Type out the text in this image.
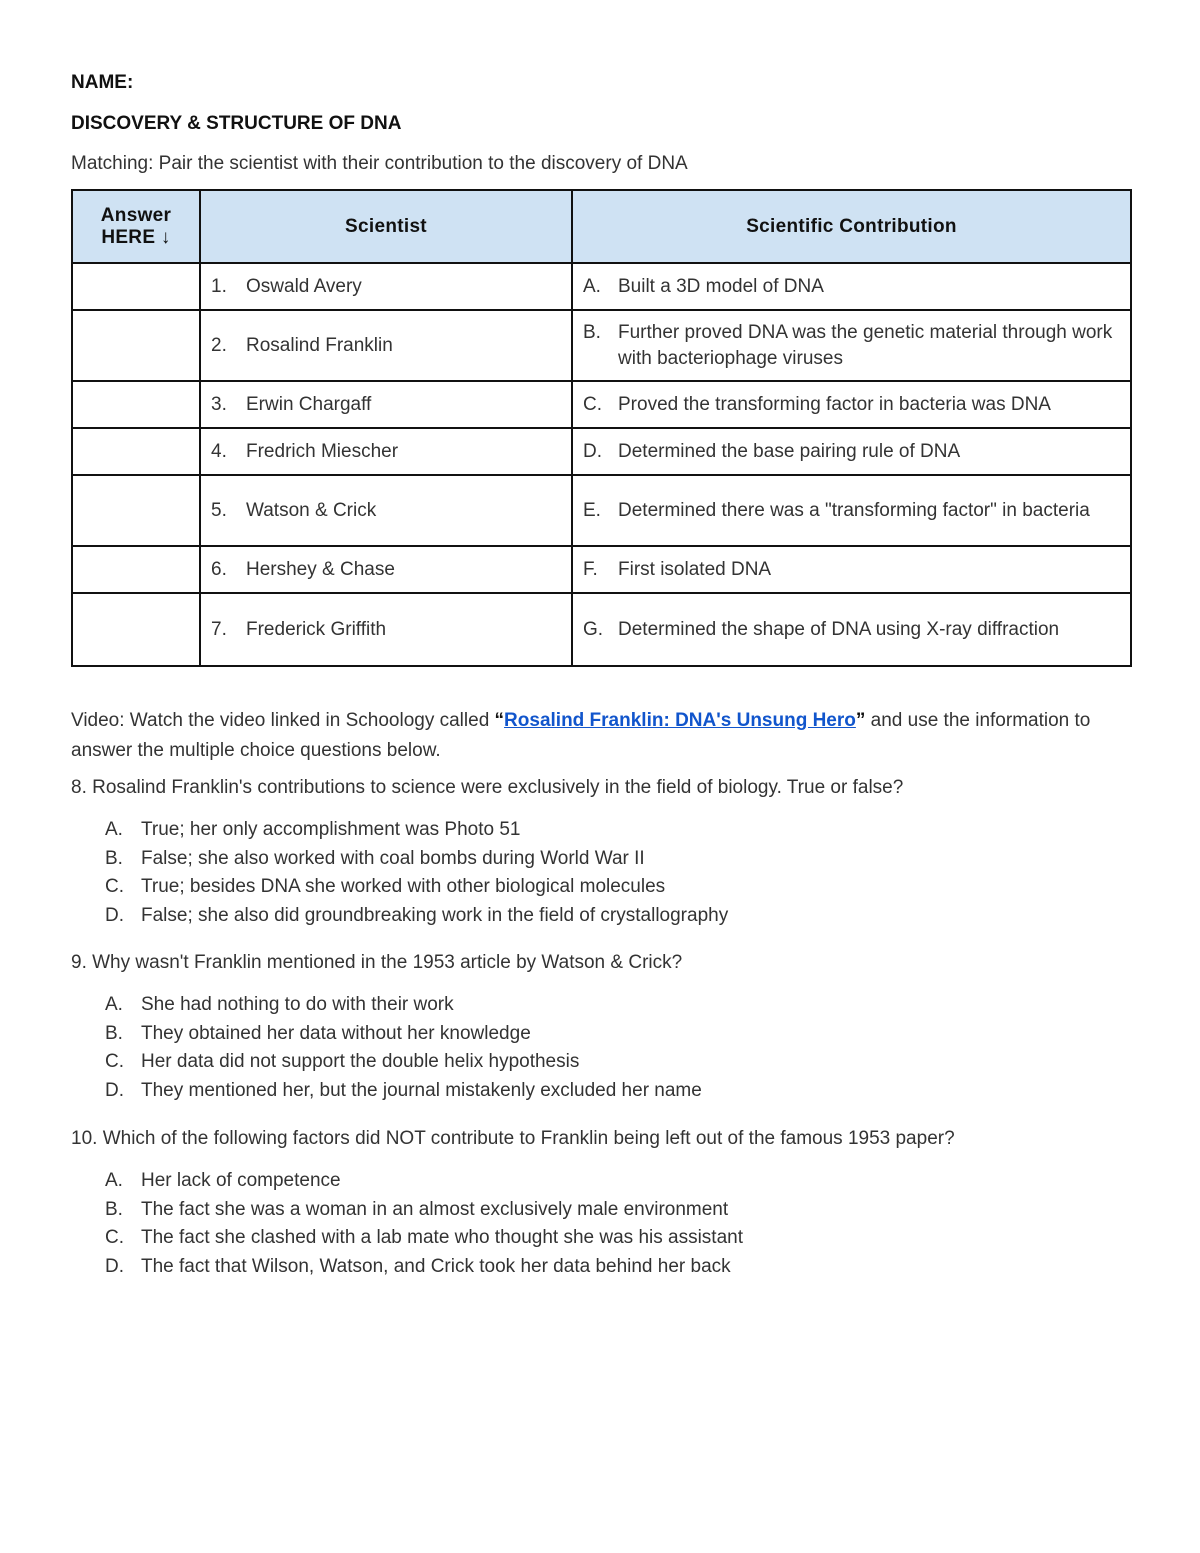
NAME:
DISCOVERY & STRUCTURE OF DNA
Matching: Pair the scientist with their contribution to the discovery of DNA
Answer
HERE ↓	Scientist	Scientific Contribution

	1. Oswald Avery	A. Built a 3D model of DNA

	2. Rosalind Franklin	B. Further proved DNA was the genetic material through work with bacteriophage viruses

	3. Erwin Chargaff	C. Proved the transforming factor in bacteria was DNA

	4. Fredrich Miescher	D. Determined the base pairing rule of DNA

	5. Watson & Crick	E. Determined there was a "transforming factor" in bacteria

	6. Hershey & Chase	F. First isolated DNA

	7. Frederick Griffith	G. Determined the shape of DNA using X-ray diffraction
Video: Watch the video linked in Schoology called “Rosalind Franklin: DNA's Unsung Hero” and use the information to answer the multiple choice questions below.
8. Rosalind Franklin's contributions to science were exclusively in the field of biology. True or false?
A. True; her only accomplishment was Photo 51
B. False; she also worked with coal bombs during World War II
C. True; besides DNA she worked with other biological molecules
D. False; she also did groundbreaking work in the field of crystallography
9. Why wasn't Franklin mentioned in the 1953 article by Watson & Crick?
A. She had nothing to do with their work
B. They obtained her data without her knowledge
C. Her data did not support the double helix hypothesis
D. They mentioned her, but the journal mistakenly excluded her name
10. Which of the following factors did NOT contribute to Franklin being left out of the famous 1953 paper?
A. Her lack of competence
B. The fact she was a woman in an almost exclusively male environment
C. The fact she clashed with a lab mate who thought she was his assistant
D. The fact that Wilson, Watson, and Crick took her data behind her back
